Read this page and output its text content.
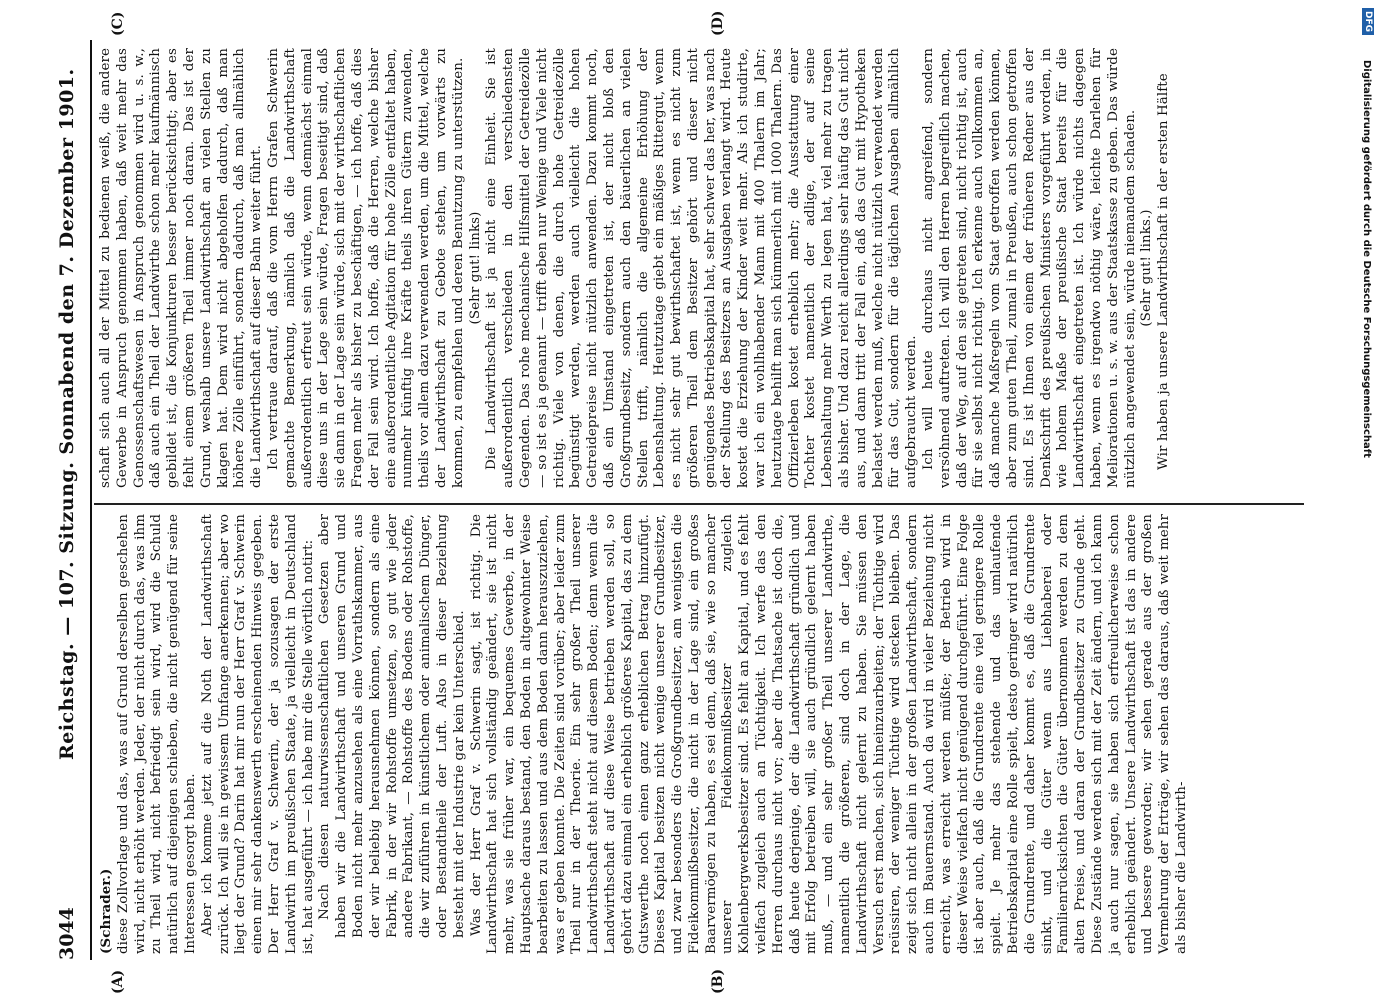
3044
Reichstag. — 107. Sitzung. Sonnabend den 7. Dezember 1901.
(A)	(B)
(C)	(D)

(Schrader.) diese Zollvorlage und das, was auf Grund derselben geschehen wird, nicht erhöht werden. Jeder, der nicht durch das, was ihm zu Theil wird, nicht befriedigt sein wird, wird die Schuld natürlich auf diejenigen schieben, die nicht genügend für seine Interessen gesorgt haben. Aber ich komme jetzt auf die Noth der Landwirthschaft zurück. Ich will sie in gewissem Umfange anerkennen; aber wo liegt der Grund? Darin hat mir nun der Herr Graf v. Schwerin einen mir sehr dankenswerth erscheinenden Hinweis gegeben. Der Herr Graf v. Schwerin, der ja sozusagen der erste Landwirth im preußischen Staate, ja vielleicht in Deutschland ist, hat ausgeführt — ich habe mir die Stelle wörtlich notirt: Nach diesen naturwissenschaftlichen Gesetzen aber haben wir die Landwirthschaft und unseren Grund und Boden nicht mehr anzusehen als eine Vorrathskammer, aus der wir beliebig herausnehmen können, sondern als eine Fabrik, in der wir Rohstoffe umsetzen, so gut wie jeder andere Fabrikant, — Rohstoffe des Bodens oder Rohstoffe, die wir zuführen in künstlichem oder animalischem Dünger, oder Bestandtheile der Luft. Also in dieser Beziehung besteht mit der Industrie gar kein Unterschied. Was der Herr Graf v. Schwerin sagt, ist richtig. Die Landwirthschaft hat sich vollständig geändert, sie ist nicht mehr, was sie früher war, ein bequemes Gewerbe, in der Hauptsache daraus bestand, den Boden in altgewohnter Weise bearbeiten zu lassen und aus dem Boden dann herauszuziehen, was er geben konnte. Die Zeiten sind vorüber; aber leider zum Theil nur in der Theorie. Ein sehr großer Theil unserer Landwirthschaft steht nicht auf diesem Boden; denn wenn die Landwirthschaft auf diese Weise betrieben werden soll, so gehört dazu einmal ein erheblich größeres Kapital, das zu dem Gutswerthe noch einen ganz erheblichen Betrag hinzufügt. Dieses Kapital besitzen nicht wenige unserer Grundbesitzer, und zwar besonders die Großgrundbesitzer, am wenigsten die Fideikommißbesitzer, die nicht in der Lage sind, ein großes Baarvermögen zu haben, es sei denn, daß sie, wie so mancher unserer Fideikommißbesitzer zugleich Kohlenbergwerksbesitzer sind. Es fehlt an Kapital, und es fehlt vielfach zugleich auch an Tüchtigkeit. Ich werfe das den Herren durchaus nicht vor; aber die Thatsache ist doch die, daß heute derjenige, der die Landwirthschaft gründlich und mit Erfolg betreiben will, sie auch gründlich gelernt haben muß, — und ein sehr großer Theil unserer Landwirthe, namentlich die größeren, sind doch in der Lage, die Landwirthschaft nicht gelernt zu haben. Sie müssen den Versuch erst machen, sich hineinzuarbeiten; der Tüchtige wird reüssiren, der weniger Tüchtige wird stecken bleiben. Das zeigt sich nicht allein in der großen Landwirthschaft, sondern auch im Bauernstand. Auch da wird in vieler Beziehung nicht erreicht, was erreicht werden müßte; der Betrieb wird in dieser Weise vielfach nicht genügend durchgeführt. Eine Folge ist aber auch, daß die Grundrente eine viel geringere Rolle spielt. Je mehr das stehende und das umlaufende Betriebskapital eine Rolle spielt, desto geringer wird natürlich die Grundrente, und daher kommt es, daß die Grundrente sinkt, und die Güter wenn aus Liebhaberei oder Familienrücksichten die Güter übernommen werden zu dem alten Preise, und daran der Grundbesitzer zu Grunde geht. Diese Zustände werden sich mit der Zeit ändern, und ich kann ja auch nur sagen, sie haben sich erfreulicherweise schon erheblich geändert. Unsere Landwirthschaft ist das in andere und bessere geworden; wir sehen gerade aus der großen Vermehrung der Erträge, wir sehen das daraus, daß weit mehr als bisher die Landwirth-

schaft sich auch all der Mittel zu bedienen weiß, die andere Gewerbe in Anspruch genommen haben, daß weit mehr das Genossenschaftswesen in Anspruch genommen wird u. s. w., daß auch ein Theil der Landwirthe schon mehr kaufmännisch gebildet ist, die Konjunkturen besser berücksichtigt; aber es fehlt einem größeren Theil immer noch daran. Das ist der Grund, weshalb unsere Landwirthschaft an vielen Stellen zu klagen hat. Dem wird nicht abgeholfen dadurch, daß man höhere Zölle einführt, sondern dadurch, daß man allmählich die Landwirthschaft auf dieser Bahn weiter führt. Ich vertraue darauf, daß die vom Herrn Grafen Schwerin gemachte Bemerkung, nämlich daß die Landwirthschaft außerordentlich erfreut sein würde, wenn demnächst einmal diese uns in der Lage sein würde, Fragen beseitigt sind, daß sie dann in der Lage sein würde, sich mit der wirthschaftlichen Fragen mehr als bisher zu beschäftigen, — ich hoffe, daß dies der Fall sein wird. Ich hoffe, daß die Herren, welche bisher eine außerordentliche Agitation für hohe Zölle entfaltet haben, nunmehr künftig ihre Kräfte theils ihren Gütern zuwenden, theils vor allem dazu verwenden werden, um die Mittel, welche der Landwirthschaft zu Gebote stehen, um vorwärts zu kommen, zu empfehlen und deren Benutzung zu unterstützen. (Sehr gut! links) Die Landwirthschaft ist ja nicht eine Einheit. Sie ist außerordentlich verschieden in den verschiedensten Gegenden. Das rohe mechanische Hilfsmittel der Getreidezölle — so ist es ja genannt — trifft eben nur Wenige und Viele nicht richtig. Viele von denen, die durch hohe Getreidezölle begünstigt werden, werden auch vielleicht die hohen Getreidepreise nicht nützlich anwenden. Dazu kommt noch, daß ein Umstand eingetreten ist, der nicht bloß den Großgrundbesitz, sondern auch den bäuerlichen an vielen Stellen trifft, nämlich die allgemeine Erhöhung der Lebenshaltung. Heutzutage giebt ein mäßiges Rittergut, wenn es nicht sehr gut bewirthschaftet ist, wenn es nicht zum größeren Theil dem Besitzer gehört und dieser nicht genügendes Betriebskapital hat, sehr schwer das her, was nach der Stellung des Besitzers an Ausgaben verlangt wird. Heute kostet die Erziehung der Kinder weit mehr. Als ich studirte, war ich ein wohlhabender Mann mit 400 Thalern im Jahr; heutzutage behilft man sich kümmerlich mit 1000 Thalern. Das Offizierleben kostet erheblich mehr; die Ausstattung einer Tochter kostet namentlich der adlige, der auf seine Lebenshaltung mehr Werth zu legen hat, viel mehr zu tragen als bisher. Und dazu reicht allerdings sehr häufig das Gut nicht aus, und dann tritt der Fall ein, daß das Gut mit Hypotheken belastet werden muß, welche nicht nützlich verwendet werden für das Gut, sondern für die täglichen Ausgaben allmählich aufgebraucht werden. Ich will heute durchaus nicht angreifend, sondern versöhnend auftreten. Ich will den Herren begreiflich machen, daß der Weg, auf den sie getreten sind, nicht richtig ist, auch für sie selbst nicht richtig. Ich erkenne auch vollkommen an, daß manche Maßregeln vom Staat getroffen werden können, aber zum guten Theil, zumal in Preußen, auch schon getroffen sind. Es ist Ihnen von einem der früheren Redner aus der Denkschrift des preußischen Ministers vorgeführt worden, in wie hohem Maße der preußische Staat bereits für die Landwirthschaft eingetreten ist. Ich würde nichts dagegen haben, wenn es irgendwo nöthig wäre, leichte Darlehen für Meliorationen u. s. w. aus der Staatskasse zu geben. Das würde nützlich angewendet sein, würde niemandem schaden. (Sehr gut! links.) Wir haben ja unsere Landwirthschaft in der ersten Hälfte	Digitalisierung gefördert durch die Deutsche Forschungsgemeinschaft
DFG
